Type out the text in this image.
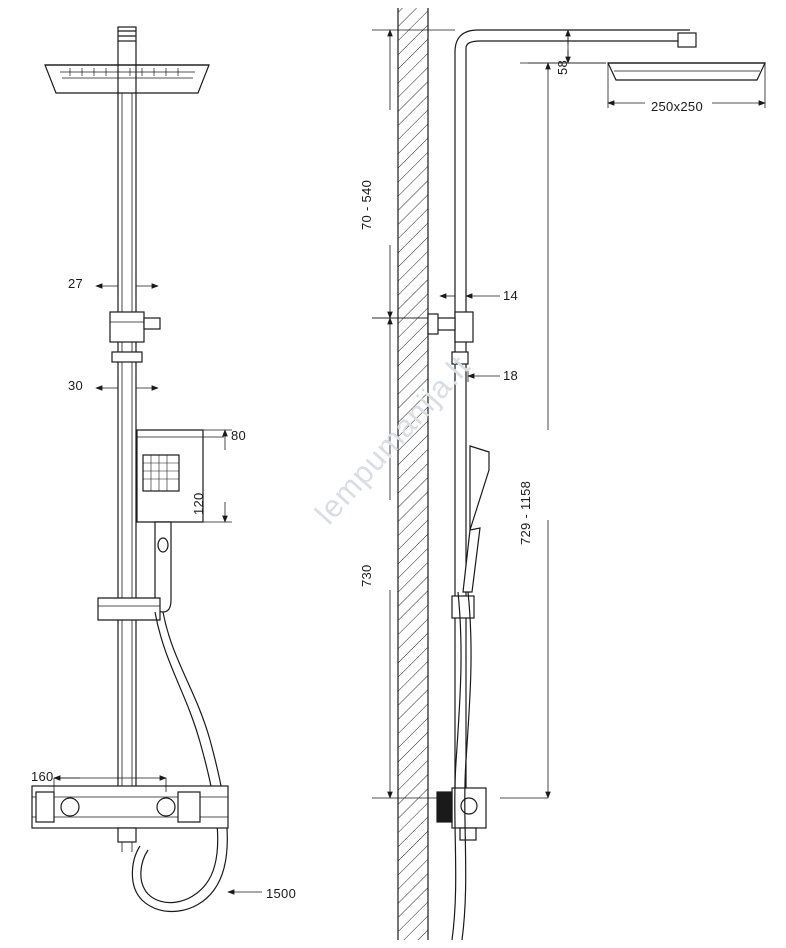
27
30
80
120
160
1500
58
250x250
70 - 540
14
18
730
729 - 1158
lempumanija.lt
